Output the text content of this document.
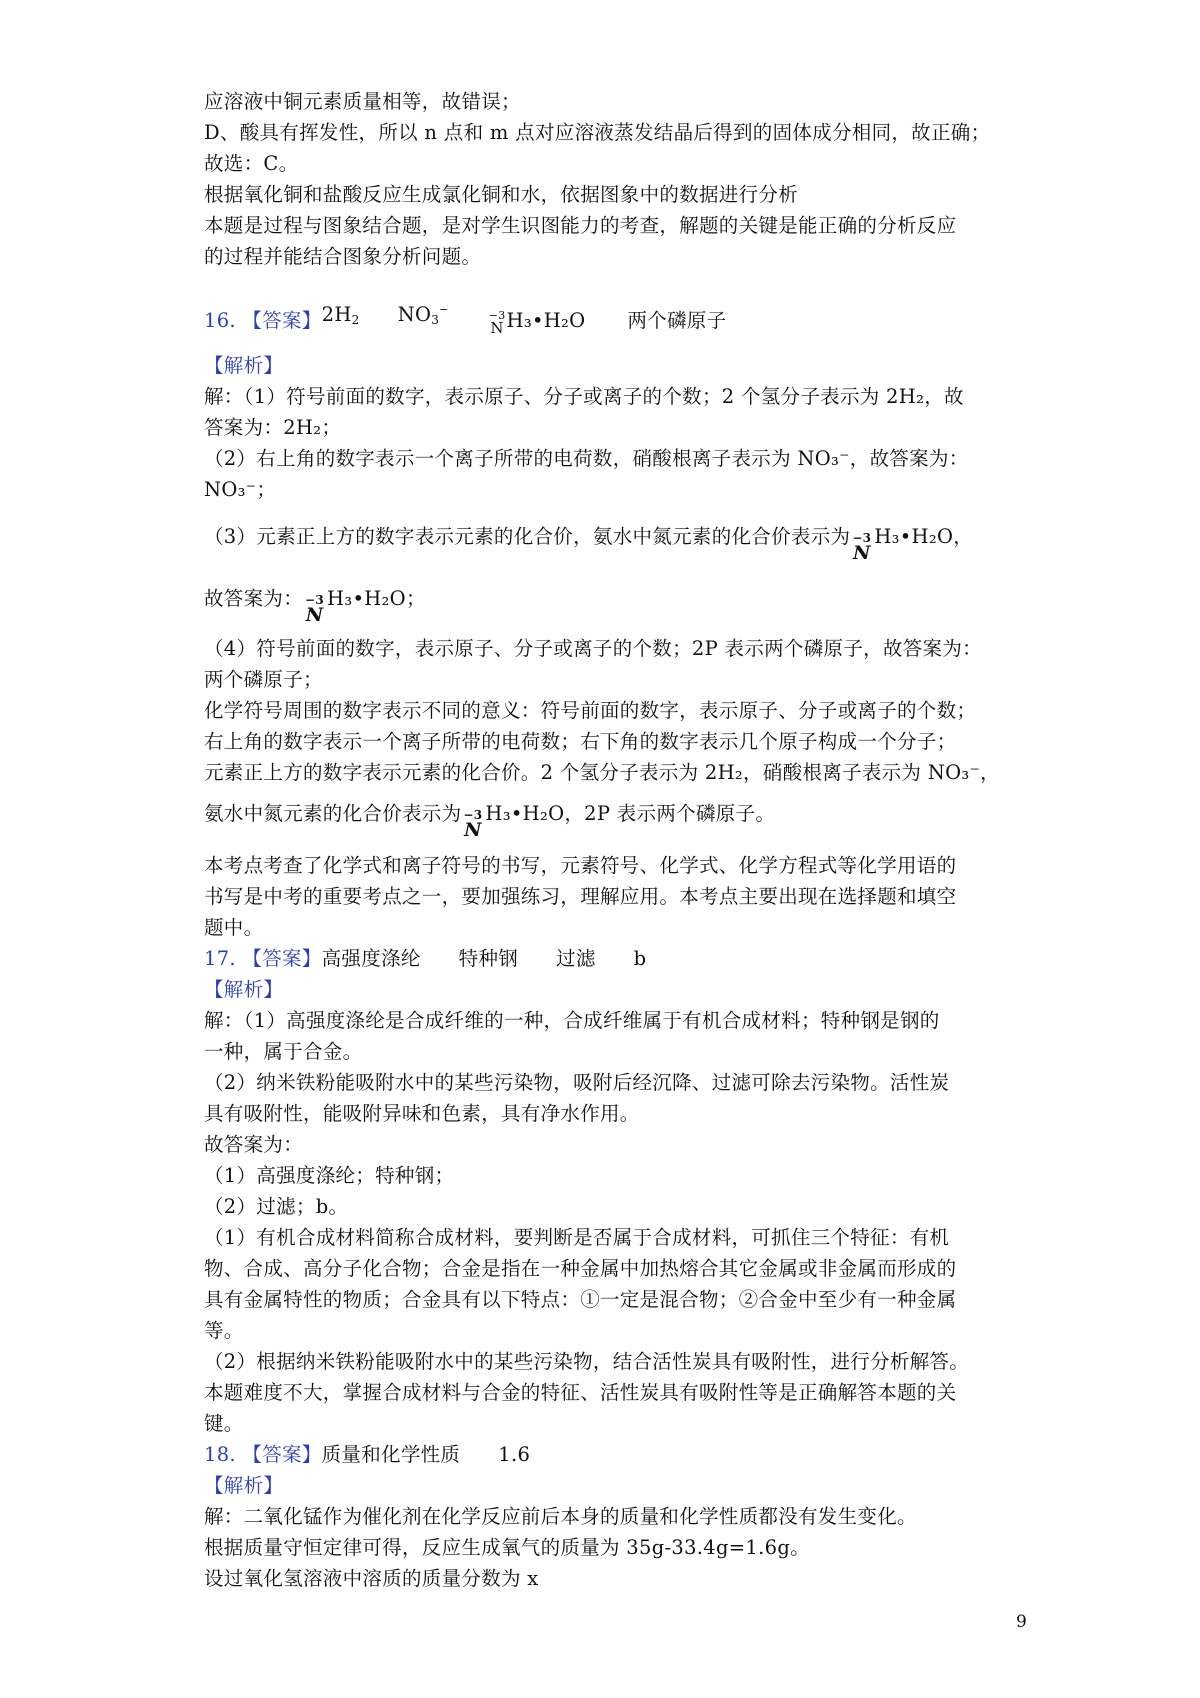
应溶液中铜元素质量相等，故错误；
D、酸具有挥发性，所以 n 点和 m 点对应溶液蒸发结晶后得到的固体成分相同，故正确；
故选：C。
根据氧化铜和盐酸反应生成氯化铜和水，依据图象中的数据进行分析
本题是过程与图象结合题，是对学生识图能力的考查，解题的关键是能正确的分析反应
的过程并能结合图象分析问题。
16. 【答案】 $2H_2$ $NO_3^-$	−3
N H₃•H₂O 两个磷原子
【解析】
解：（1）符号前面的数字，表示原子、分子或离子的个数；2 个氢分子表示为 2H₂，故
答案为：2H₂；
（2）右上角的数字表示一个离子所带的电荷数，硝酸根离子表示为 NO₃⁻，故答案为：
NO₃⁻；
（3）元素正上方的数字表示元素的化合价，氨水中氮元素的化合价表示为 −3
N
H₃•H₂O，
故答案为： −3
N
H₃•H₂O；
（4）符号前面的数字，表示原子、分子或离子的个数；2P 表示两个磷原子，故答案为：
两个磷原子；
化学符号周围的数字表示不同的意义：符号前面的数字，表示原子、分子或离子的个数；
右上角的数字表示一个离子所带的电荷数；右下角的数字表示几个原子构成一个分子；
元素正上方的数字表示元素的化合价。2 个氢分子表示为 2H₂，硝酸根离子表示为 NO₃⁻，
氨水中氮元素的化合价表示为 −3
N
H₃•H₂O，2P 表示两个磷原子。
本考点考查了化学式和离子符号的书写，元素符号、化学式、化学方程式等化学用语的
书写是中考的重要考点之一，要加强练习，理解应用。本考点主要出现在选择题和填空
题中。
17. 【答案】高强度涤纶 特种钢 过滤 b
【解析】
解：（1）高强度涤纶是合成纤维的一种，合成纤维属于有机合成材料；特种钢是钢的
一种，属于合金。
（2）纳米铁粉能吸附水中的某些污染物，吸附后经沉降、过滤可除去污染物。活性炭
具有吸附性，能吸附异味和色素，具有净水作用。
故答案为：
（1）高强度涤纶；特种钢；
（2）过滤；b。
（1）有机合成材料简称合成材料，要判断是否属于合成材料，可抓住三个特征：有机
物、合成、高分子化合物；合金是指在一种金属中加热熔合其它金属或非金属而形成的
具有金属特性的物质；合金具有以下特点：①一定是混合物；②合金中至少有一种金属
等。
（2）根据纳米铁粉能吸附水中的某些污染物，结合活性炭具有吸附性，进行分析解答。
本题难度不大，掌握合成材料与合金的特征、活性炭具有吸附性等是正确解答本题的关
键。
18. 【答案】质量和化学性质 1.6
【解析】
解：二氧化锰作为催化剂在化学反应前后本身的质量和化学性质都没有发生变化。
根据质量守恒定律可得，反应生成氧气的质量为 35g-33.4g=1.6g。
设过氧化氢溶液中溶质的质量分数为 x
9
